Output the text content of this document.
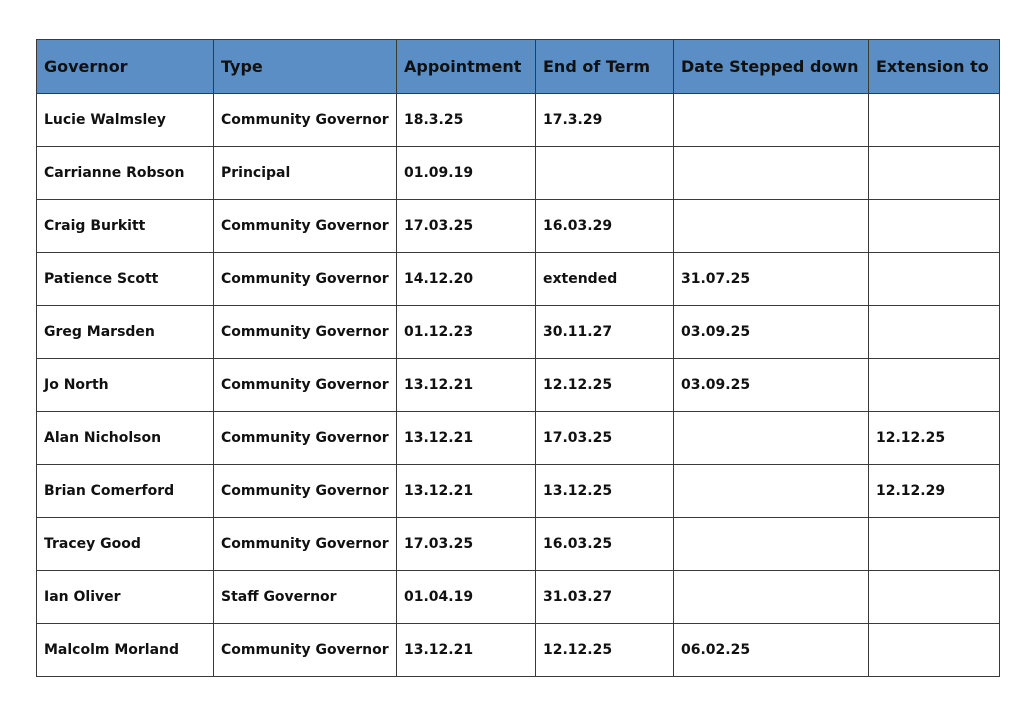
Governor	Type	Appointment	End of Term	Date Stepped down	Extension to
Lucie Walmsley	Community Governor	18.3.25	17.3.29		
Carrianne Robson	Principal	01.09.19			
Craig Burkitt	Community Governor	17.03.25	16.03.29		
Patience Scott	Community Governor	14.12.20	extended	31.07.25	
Greg Marsden	Community Governor	01.12.23	30.11.27	03.09.25	
Jo North	Community Governor	13.12.21	12.12.25	03.09.25	
Alan Nicholson	Community Governor	13.12.21	17.03.25		12.12.25
Brian Comerford	Community Governor	13.12.21	13.12.25		12.12.29
Tracey Good	Community Governor	17.03.25	16.03.25		
Ian Oliver	Staff Governor	01.04.19	31.03.27		
Malcolm Morland	Community Governor	13.12.21	12.12.25	06.02.25	
